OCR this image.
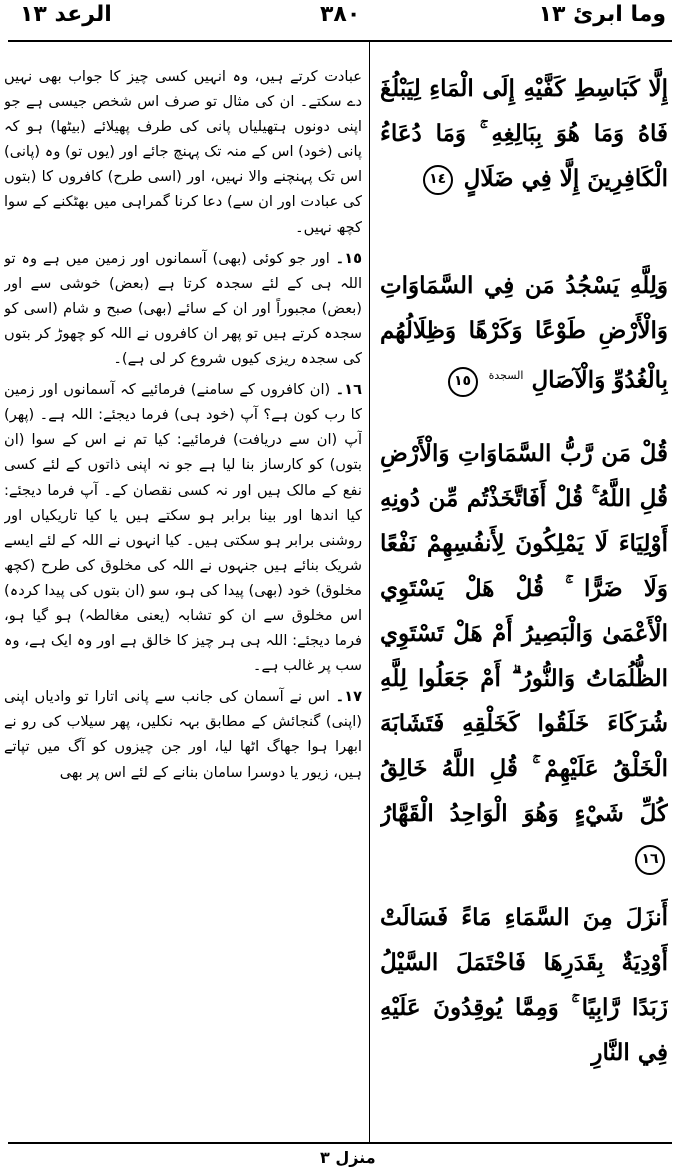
الرعد ١٣	٣٨٠	وما ابرئ ١٣

عبادت کرتے ہیں، وہ انہیں کسی چیز کا جواب بھی نہیں دے سکتے۔ ان کی مثال تو صرف اس شخص جیسی ہے جو اپنی دونوں ہتھیلیاں پانی کی طرف پھیلائے (بیٹھا) ہو کہ پانی (خود) اس کے منہ تک پہنچ جائے اور (یوں تو) وہ (پانی) اس تک پہنچنے والا نہیں، اور (اسی طرح) کافروں کا (بتوں کی عبادت اور ان سے) دعا کرنا گمراہی میں بھٹکنے کے سوا کچھ نہیں۔

١٥۔ اور جو کوئی (بھی) آسمانوں اور زمین میں ہے وہ تو اللہ ہی کے لئے سجدہ کرتا ہے (بعض) خوشی سے اور (بعض) مجبوراً اور ان کے سائے (بھی) صبح و شام (اسی کو سجدہ کرتے ہیں تو پھر ان کافروں نے اللہ کو چھوڑ کر بتوں کی سجدہ ریزی کیوں شروع کر لی ہے)۔

١٦۔ (ان کافروں کے سامنے) فرمائیے کہ آسمانوں اور زمین کا رب کون ہے؟ آپ (خود ہی) فرما دیجئے: اللہ ہے۔ (پھر) آپ (ان سے دریافت) فرمائیے: کیا تم نے اس کے سوا (ان بتوں) کو کارساز بنا لیا ہے جو نہ اپنی ذاتوں کے لئے کسی نفع کے مالک ہیں اور نہ کسی نقصان کے۔ آپ فرما دیجئے: کیا اندھا اور بینا برابر ہو سکتے ہیں یا کیا تاریکیاں اور روشنی برابر ہو سکتی ہیں۔ کیا انہوں نے اللہ کے لئے ایسے شریک بنائے ہیں جنہوں نے اللہ کی مخلوق کی طرح (کچھ مخلوق) خود (بھی) پیدا کی ہو، سو (ان بتوں کی پیدا کردہ) اس مخلوق سے ان کو تشابہ (یعنی مغالطہ) ہو گیا ہو، فرما دیجئے: اللہ ہی ہر چیز کا خالق ہے اور وہ ایک ہے، وہ سب پر غالب ہے۔

١٧۔ اس نے آسمان کی جانب سے پانی اتارا تو وادیاں اپنی (اپنی) گنجائش کے مطابق بہہ نکلیں، پھر سیلاب کی رو نے ابھرا ہوا جھاگ اٹھا لیا، اور جن چیزوں کو آگ میں تپاتے ہیں، زیور یا دوسرا سامان بنانے کے لئے اس پر بھی

إِلَّا كَبَاسِطِ كَفَّيْهِ إِلَى الْمَاءِ لِيَبْلُغَ فَاهُ وَمَا هُوَ بِبَالِغِهِ ۚ وَمَا دُعَاءُ الْكَافِرِينَ إِلَّا فِي ضَلَالٍ ١٤

وَلِلَّهِ يَسْجُدُ مَن فِي السَّمَاوَاتِ وَالْأَرْضِ طَوْعًا وَكَرْهًا وَظِلَالُهُم بِالْغُدُوِّ وَالْآصَالِ $^{السجدة}$ ١٥

قُلْ مَن رَّبُّ السَّمَاوَاتِ وَالْأَرْضِ قُلِ اللَّهُ ۚ قُلْ أَفَاتَّخَذْتُم مِّن دُونِهِ أَوْلِيَاءَ لَا يَمْلِكُونَ لِأَنفُسِهِمْ نَفْعًا وَلَا ضَرًّا ۚ قُلْ هَلْ يَسْتَوِي الْأَعْمَىٰ وَالْبَصِيرُ أَمْ هَلْ تَسْتَوِي الظُّلُمَاتُ وَالنُّورُ ۗ أَمْ جَعَلُوا لِلَّهِ شُرَكَاءَ خَلَقُوا كَخَلْقِهِ فَتَشَابَهَ الْخَلْقُ عَلَيْهِمْ ۚ قُلِ اللَّهُ خَالِقُ كُلِّ شَيْءٍ وَهُوَ الْوَاحِدُ الْقَهَّارُ ١٦

أَنزَلَ مِنَ السَّمَاءِ مَاءً فَسَالَتْ أَوْدِيَةٌ بِقَدَرِهَا فَاحْتَمَلَ السَّيْلُ زَبَدًا رَّابِيًا ۚ وَمِمَّا يُوقِدُونَ عَلَيْهِ فِي النَّارِ

منزل ٣
